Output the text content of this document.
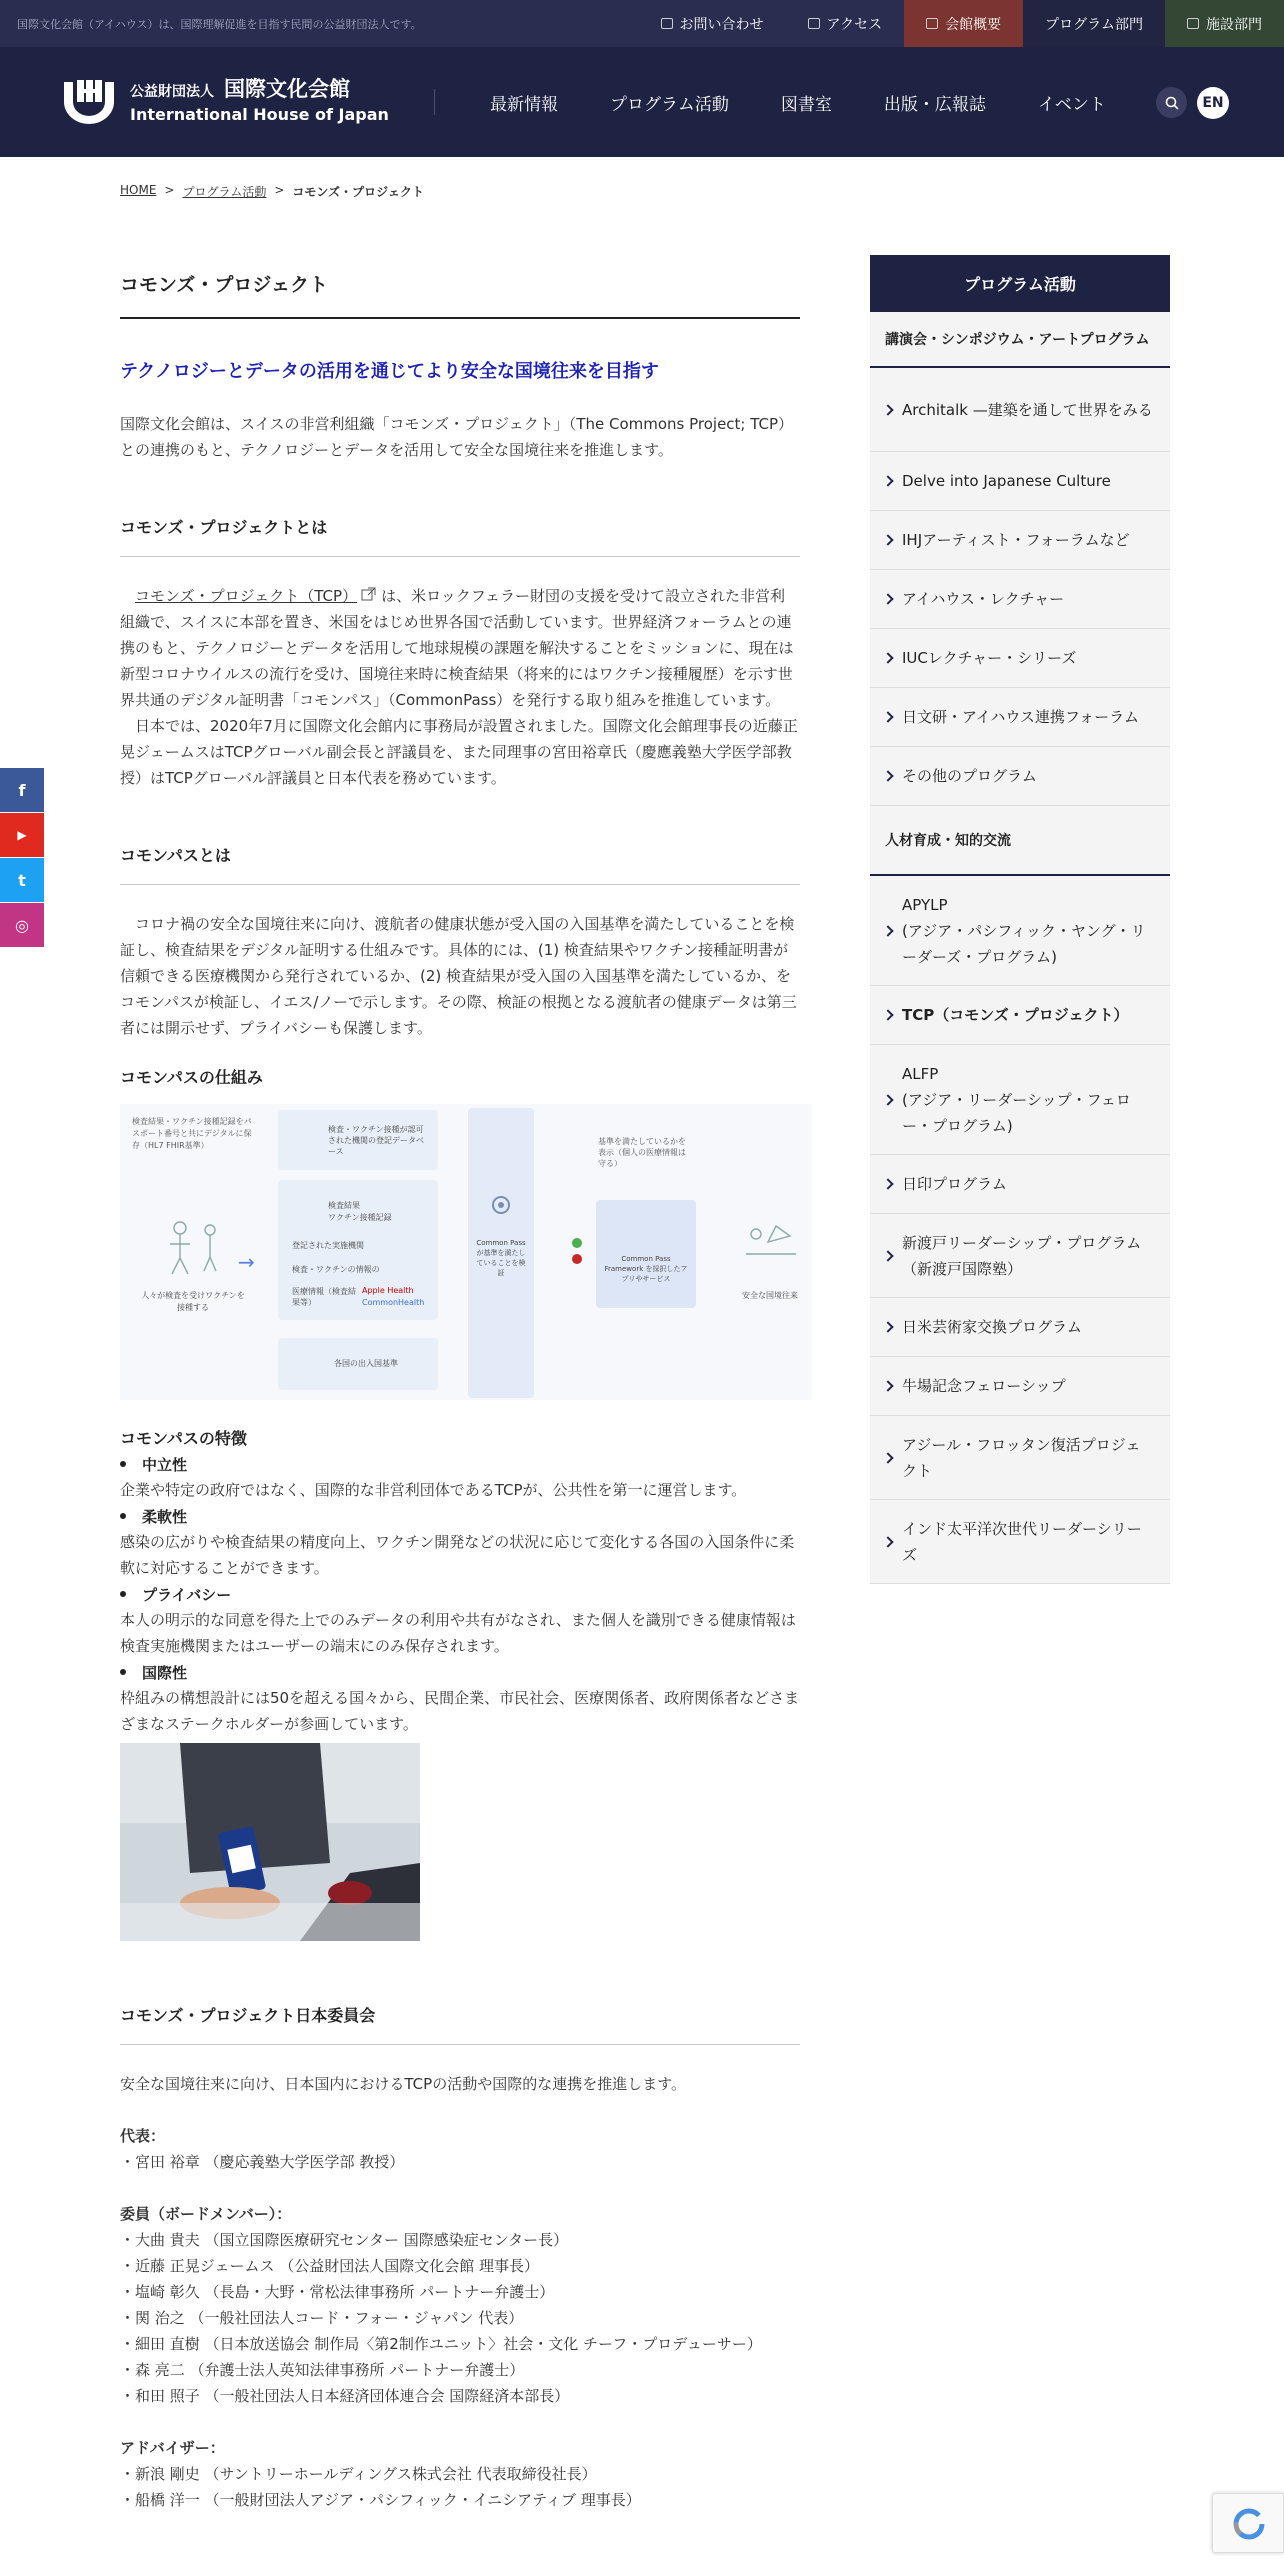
国際文化会館（アイハウス）は、国際理解促進を目指す民間の公益財団法人です。	お問い合わせ	アクセス	会館概要	プログラム部門	施設部門
公益財団法人 国際文化会館
International House of Japan	最新情報	プログラム活動	図書室	出版・広報誌	イベント	EN
HOME > プログラム活動 > コモンズ・プロジェクト
コモンズ・プロジェクト
テクノロジーとデータの活用を通じてより安全な国境往来を目指す

国際文化会館は、スイスの非営利組織「コモンズ・プロジェクト」（The Commons Project; TCP）との連携のもと、テクノロジーとデータを活用して安全な国境往来を推進します。

コモンズ・プロジェクトとは

　コモンズ・プロジェクト（TCP） は、米ロックフェラー財団の支援を受けて設立された非営利組織で、スイスに本部を置き、米国をはじめ世界各国で活動しています。世界経済フォーラムとの連携のもと、テクノロジーとデータを活用して地球規模の課題を解決することをミッションに、現在は新型コロナウイルスの流行を受け、国境往来時に検査結果（将来的にはワクチン接種履歴）を示す世界共通のデジタル証明書「コモンパス」（CommonPass）を発行する取り組みを推進しています。

　日本では、2020年7月に国際文化会館内に事務局が設置されました。国際文化会館理事長の近藤正晃ジェームスはTCPグローバル副会長と評議員を、また同理事の宮田裕章氏（慶應義塾大学医学部教授）はTCPグローバル評議員と日本代表を務めています。

コモンパスとは

　コロナ禍の安全な国境往来に向け、渡航者の健康状態が受入国の入国基準を満たしていることを検証し、検査結果をデジタル証明する仕組みです。具体的には、(1) 検査結果やワクチン接種証明書が信頼できる医療機関から発行されているか、(2) 検査結果が受入国の入国基準を満たしているか、をコモンパスが検証し、イエス/ノーで示します。その際、検証の根拠となる渡航者の健康データは第三者には開示せず、プライバシーも保護します。

コモンパスの仕組み
検査結果・ワクチン接種記録をパスポート番号と共にデジタルに保存（HL7 FHIR基準）
人々が検査を受けワクチンを接種する
→
検査・ワクチン接種が認可された機関の登記データベース
検査結果
ワクチン接種記録
登記された実施機関
検査・ワクチンの情報の
医療情報（検査結果等）
Apple Health
CommonHealth
各国の出入国基準
Common Pass が基準を満たしていることを検証
基準を満たしているかを表示（個人の医療情報は守る）
Common Pass Framework を採択したアプリやサービス
安全な国境往来
コモンパスの特徴
中立性

企業や特定の政府ではなく、国際的な非営利団体であるTCPが、公共性を第一に運営します。

柔軟性

感染の広がりや検査結果の精度向上、ワクチン開発などの状況に応じて変化する各国の入国条件に柔軟に対応することができます。

プライバシー

本人の明示的な同意を得た上でのみデータの利用や共有がなされ、また個人を識別できる健康情報は検査実施機関またはユーザーの端末にのみ保存されます。

国際性

枠組みの構想設計には50を超える国々から、民間企業、市民社会、医療関係者、政府関係者などさまざまなステークホルダーが参画しています。

コモンズ・プロジェクト日本委員会

安全な国境往来に向け、日本国内におけるTCPの活動や国際的な連携を推進します。

代表：
・宮田 裕章 （慶応義塾大学医学部 教授）
委員（ボードメンバー）：
・大曲 貴夫 （国立国際医療研究センター 国際感染症センター長）
・近藤 正晃ジェームス （公益財団法人国際文化会館 理事長）
・塩崎 彰久 （長島・大野・常松法律事務所 パートナー弁護士）
・関 治之 （一般社団法人コード・フォー・ジャパン 代表）
・細田 直樹 （日本放送協会 制作局〈第2制作ユニット〉社会・文化 チーフ・プロデューサー）
・森 亮二 （弁護士法人英知法律事務所 パートナー弁護士）
・和田 照子 （一般社団法人日本経済団体連合会 国際経済本部長）
アドバイザー：
・新浪 剛史 （サントリーホールディングス株式会社 代表取締役社長）
・船橋 洋一 （一般財団法人アジア・パシフィック・イニシアティブ 理事長）
プログラム活動
講演会・シンポジウム・アートプログラム
Architalk —建築を通して世界をみる
Delve into Japanese Culture
IHJアーティスト・フォーラムなど
アイハウス・レクチャー
IUCレクチャー・シリーズ
日文研・アイハウス連携フォーラム
その他のプログラム
人材育成・知的交流
APYLP
(アジア・パシフィック・ヤング・リーダーズ・プログラム)
TCP（コモンズ・プロジェクト）
ALFP
(アジア・リーダーシップ・フェロー・プログラム)
日印プログラム
新渡戸リーダーシップ・プログラム（新渡戸国際塾）
日米芸術家交換プログラム
牛場記念フェローシップ
アジール・フロッタン復活プロジェクト
インド太平洋次世代リーダーシリーズ
f
▶
t
◎
